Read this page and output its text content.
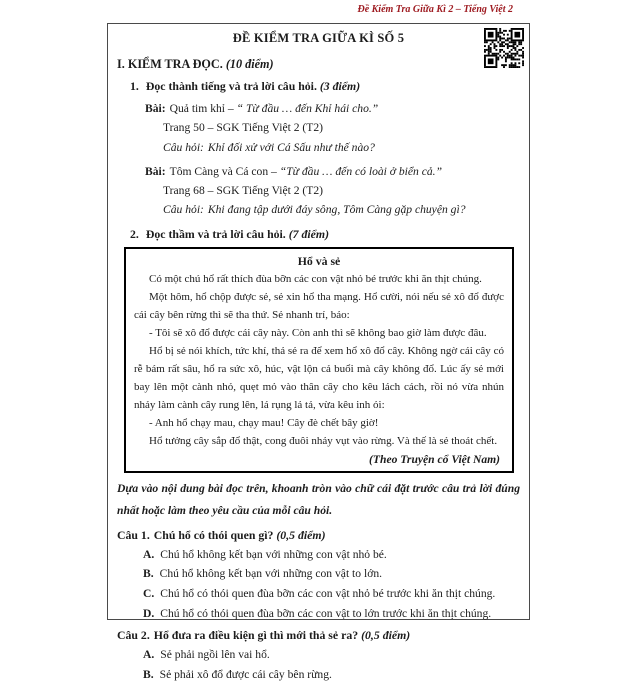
Đề Kiểm Tra Giữa Kì 2 – Tiếng Việt 2
ĐỀ KIỂM TRA GIỮA KÌ SỐ 5
I. KIỂM TRA ĐỌC. (10 điểm)
1. Đọc thành tiếng và trả lời câu hỏi. (3 điểm)
Bài: Quả tim khỉ – “ Từ đầu … đến Khỉ hái cho.”
Trang 50 – SGK Tiếng Việt 2 (T2)
Câu hỏi: Khỉ đối xử với Cá Sấu như thế nào?
Bài: Tôm Càng và Cá con – “Từ đầu … đến có loài ở biển cả.”
Trang 68 – SGK Tiếng Việt 2 (T2)
Câu hỏi: Khi đang tập dưới đáy sông, Tôm Càng gặp chuyện gì?
2. Đọc thầm và trả lời câu hỏi. (7 điểm)
Hổ và sẻ

Có một chú hổ rất thích đùa bỡn các con vật nhỏ bé trước khi ăn thịt chúng.

Một hôm, hổ chộp được sẻ, sẻ xin hổ tha mạng. Hổ cười, nói nếu sẻ xô đổ được cái cây bên rừng thì sẽ tha thứ. Sẻ nhanh trí, bảo:

- Tôi sẽ xô đổ được cái cây này. Còn anh thì sẽ không bao giờ làm được đâu.

Hổ bị sẻ nói khích, tức khí, thả sẻ ra để xem hổ xô đổ cây. Không ngờ cái cây có rễ bám rất sâu, hổ ra sức xô, húc, vật lộn cả buổi mà cây không đổ. Lúc ấy sẻ mới bay lên một cành nhỏ, quẹt mỏ vào thân cây cho kêu lách cách, rồi nó vừa nhún nhảy làm cành cây rung lên, lá rụng lả tả, vừa kêu inh ỏi:

- Anh hổ chạy mau, chạy mau! Cây đè chết bây giờ!

Hổ tưởng cây sắp đổ thật, cong đuôi nhảy vụt vào rừng. Và thế là sẻ thoát chết.

(Theo Truyện cổ Việt Nam)
Dựa vào nội dung bài đọc trên, khoanh tròn vào chữ cái đặt trước câu trả lời đúng nhất hoặc làm theo yêu cầu của mỗi câu hỏi.
Câu 1. Chú hổ có thói quen gì? (0,5 điểm)
A. Chú hổ không kết bạn với những con vật nhỏ bé.
B. Chú hổ không kết bạn với những con vật to lớn.
C. Chú hổ có thói quen đùa bỡn các con vật nhỏ bé trước khi ăn thịt chúng.
D. Chú hổ có thói quen đùa bỡn các con vật to lớn trước khi ăn thịt chúng.
Câu 2. Hổ đưa ra điều kiện gì thì mới thả sẻ ra? (0,5 điểm)
A. Sẻ phải ngồi lên vai hổ.
B. Sẻ phải xô đổ được cái cây bên rừng.
